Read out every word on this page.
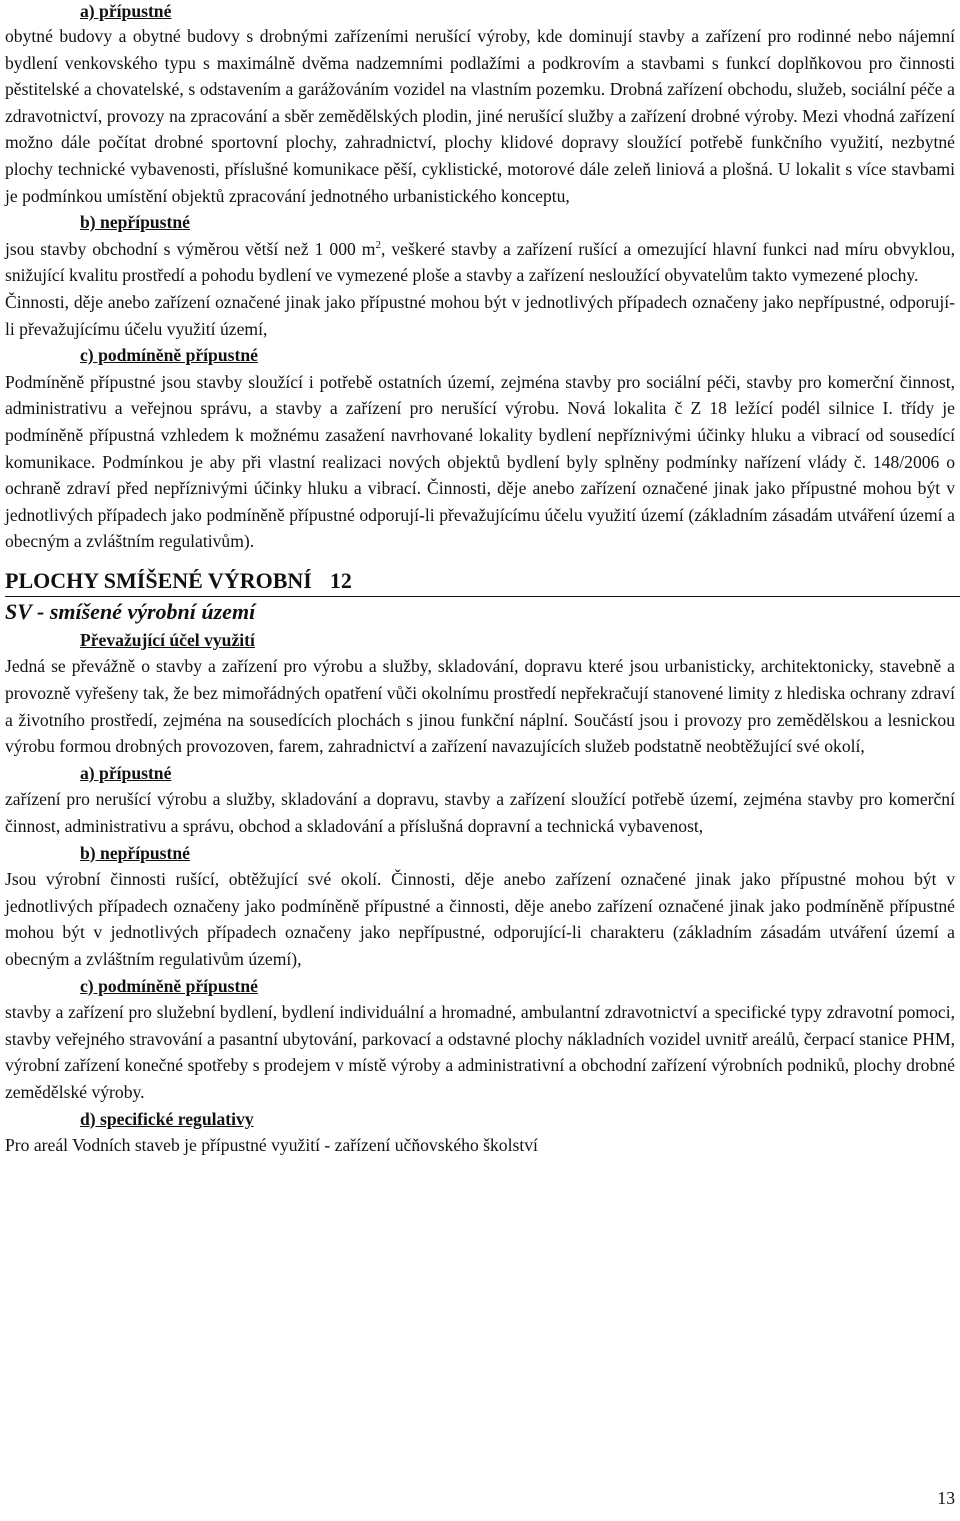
a) přípustné

obytné budovy a obytné budovy s drobnými zařízeními nerušící výroby, kde dominují stavby a zařízení pro rodinné nebo nájemní bydlení venkovského typu s maximálně dvěma nadzemními podlažími a podkrovím a stavbami s funkcí doplňkovou pro činnosti pěstitelské a chovatelské, s odstavením a garážováním vozidel na vlastním pozemku. Drobná zařízení obchodu, služeb, sociální péče a zdravotnictví, provozy na zpracování a sběr zemědělských plodin, jiné nerušící služby a zařízení drobné výroby. Mezi vhodná zařízení možno dále počítat drobné sportovní plochy, zahradnictví, plochy klidové dopravy sloužící potřebě funkčního využití, nezbytné plochy technické vybavenosti, příslušné komunikace pěší, cyklistické, motorové dále zeleň liniová a plošná. U lokalit s více stavbami je podmínkou umístění objektů zpracování jednotného urbanistického konceptu,

b) nepřípustné

jsou stavby obchodní s výměrou větší než 1 000 $m^2$, veškeré stavby a zařízení rušící a omezující hlavní funkci nad míru obvyklou, snižující kvalitu prostředí a pohodu bydlení ve vymezené ploše a stavby a zařízení nesloužící obyvatelům takto vymezené plochy.

Činnosti, děje anebo zařízení označené jinak jako přípustné mohou být v jednotlivých případech označeny jako nepřípustné, odporují-li převažujícímu účelu využití území,

c) podmíněně přípustné

Podmíněně přípustné jsou stavby sloužící i potřebě ostatních území, zejména stavby pro sociální péči, stavby pro komerční činnost, administrativu a veřejnou správu, a stavby a zařízení pro nerušící výrobu. Nová lokalita č Z 18 ležící podél silnice I. třídy je podmíněně přípustná vzhledem k možnému zasažení navrhované lokality bydlení nepříznivými účinky hluku a vibrací od sousedící komunikace. Podmínkou je aby při vlastní realizaci nových objektů bydlení byly splněny podmínky nařízení vlády č. 148/2006 o ochraně zdraví před nepříznivými účinky hluku a vibrací. Činnosti, děje anebo zařízení označené jinak jako přípustné mohou být v jednotlivých případech jako podmíněně přípustné odporují-li převažujícímu účelu využití území (základním zásadám utváření území a obecným a zvláštním regulativům).

PLOCHY SMÍŠENÉ VÝROBNÍ 12

SV - smíšené výrobní území

Převažující účel využití

Jedná se převážně o stavby a zařízení pro výrobu a služby, skladování, dopravu které jsou urbanisticky, architektonicky, stavebně a provozně vyřešeny tak, že bez mimořádných opatření vůči okolnímu prostředí nepřekračují stanovené limity z hlediska ochrany zdraví a životního prostředí, zejména na sousedících plochách s jinou funkční náplní. Součástí jsou i provozy pro zemědělskou a lesnickou výrobu formou drobných provozoven, farem, zahradnictví a zařízení navazujících služeb podstatně neobtěžující své okolí,

a) přípustné

zařízení pro nerušící výrobu a služby, skladování a dopravu, stavby a zařízení sloužící potřebě území, zejména stavby pro komerční činnost, administrativu a správu, obchod a skladování a příslušná dopravní a technická vybavenost,

b) nepřípustné

Jsou výrobní činnosti rušící, obtěžující své okolí. Činnosti, děje anebo zařízení označené jinak jako přípustné mohou být v jednotlivých případech označeny jako podmíněně přípustné a činnosti, děje anebo zařízení označené jinak jako podmíněně přípustné mohou být v jednotlivých případech označeny jako nepřípustné, odporující-li charakteru (základním zásadám utváření území a obecným a zvláštním regulativům území),

c) podmíněně přípustné

stavby a zařízení pro služební bydlení, bydlení individuální a hromadné, ambulantní zdravotnictví a specifické typy zdravotní pomoci, stavby veřejného stravování a pasantní ubytování, parkovací a odstavné plochy nákladních vozidel uvnitř areálů, čerpací stanice PHM, výrobní zařízení konečné spotřeby s prodejem v místě výroby a administrativní a obchodní zařízení výrobních podniků, plochy drobné zemědělské výroby.

d) specifické regulativy

Pro areál Vodních staveb je přípustné využití - zařízení učňovského školství

13
